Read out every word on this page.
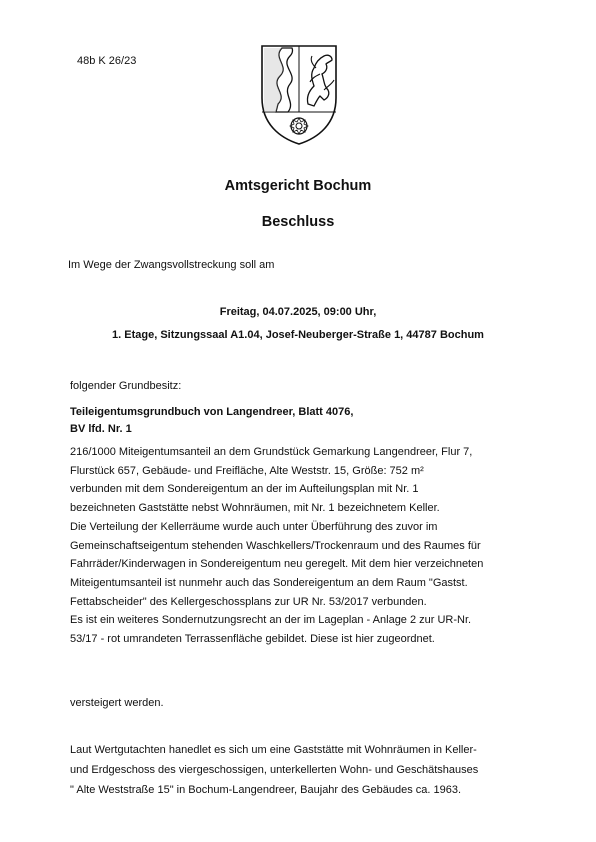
48b K 26/23
Amtsgericht Bochum
Beschluss
Im Wege der Zwangsvollstreckung soll am
Freitag, 04.07.2025, 09:00 Uhr,
1. Etage, Sitzungssaal A1.04, Josef-Neuberger-Straße 1, 44787 Bochum
folgender Grundbesitz:
Teileigentumsgrundbuch von Langendreer, Blatt 4076,
BV lfd. Nr. 1
216/1000 Miteigentumsanteil an dem Grundstück Gemarkung Langendreer, Flur 7,
Flurstück 657, Gebäude- und Freifläche, Alte Weststr. 15, Größe: 752 m²
verbunden mit dem Sondereigentum an der im Aufteilungsplan mit Nr. 1
bezeichneten Gaststätte nebst Wohnräumen, mit Nr. 1 bezeichnetem Keller.
Die Verteilung der Kellerräume wurde auch unter Überführung des zuvor im
Gemeinschaftseigentum stehenden Waschkellers/Trockenraum und des Raumes für
Fahrräder/Kinderwagen in Sondereigentum neu geregelt. Mit dem hier verzeichneten
Miteigentumsanteil ist nunmehr auch das Sondereigentum an dem Raum "Gastst.
Fettabscheider" des Kellergeschossplans zur UR Nr. 53/2017 verbunden.
Es ist ein weiteres Sondernutzungsrecht an der im Lageplan - Anlage 2 zur UR-Nr.
53/17 - rot umrandeten Terrassenfläche gebildet. Diese ist hier zugeordnet.
versteigert werden.
Laut Wertgutachten hanedlet es sich um eine Gaststätte mit Wohnräumen in Keller-
und Erdgeschoss des viergeschossigen, unterkellerten Wohn- und Geschätshauses
" Alte Weststraße 15" in Bochum-Langendreer, Baujahr des Gebäudes ca. 1963.
